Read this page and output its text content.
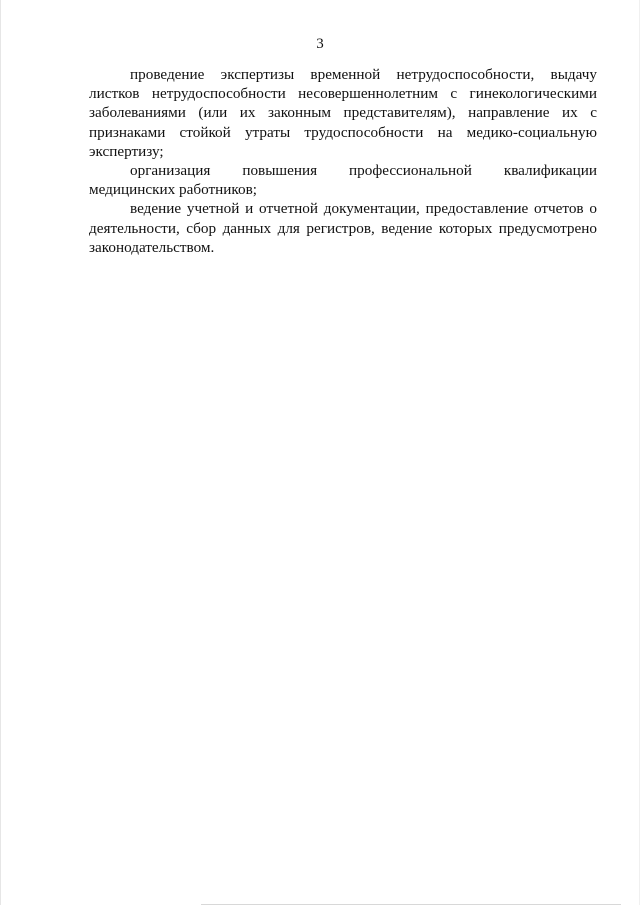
3

проведение экспертизы временной нетрудоспособности, выдачу листков нетрудоспособности несовершеннолетним с гинекологическими заболеваниями (или их законным представителям), направление их с признаками стойкой утраты трудоспособности на медико-социальную экспертизу;

организация повышения профессиональной квалификации медицинских работников;

ведение учетной и отчетной документации, предоставление отчетов о деятельности, сбор данных для регистров, ведение которых предусмотрено законодательством.
